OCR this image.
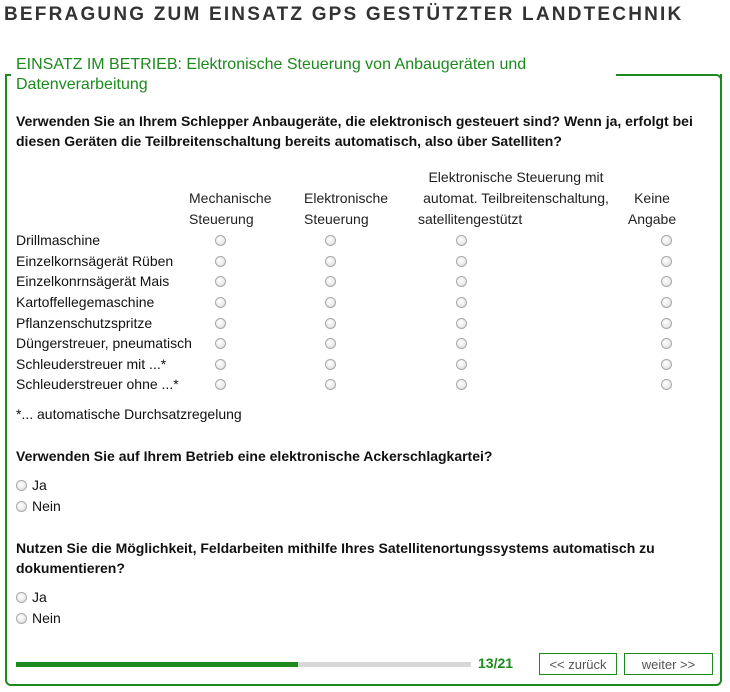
BEFRAGUNG ZUM EINSATZ GPS GESTÜTZTER LANDTECHNIK
EINSATZ IM BETRIEB: Elektronische Steuerung von Anbaugeräten und Datenverarbeitung
Verwenden Sie an Ihrem Schlepper Anbaugeräte, die elektronisch gesteuert sind? Wenn ja, erfolgt bei diesen Geräten die Teilbreitenschaltung bereits automatisch, also über Satelliten?
Mechanische
Steuerung
Elektronische
Steuerung
Elektronische Steuerung mit
automat. Teilbreitenschaltung,
satellitengestützt
Keine
Angabe
Drillmaschine
Einzelkornsägerät Rüben
Einzelkonrnsägerät Mais
Kartoffellegemaschine
Pflanzenschutzspritze
Düngerstreuer, pneumatisch
Schleuderstreuer mit ...*
Schleuderstreuer ohne ...*
*... automatische Durchsatzregelung
Verwenden Sie auf Ihrem Betrieb eine elektronische Ackerschlagkartei?
Ja
Nein
Nutzen Sie die Möglichkeit, Feldarbeiten mithilfe Ihres Satellitenortungssystems automatisch zu dokumentieren?
Ja
Nein
13/21	<< zurück	weiter >>
